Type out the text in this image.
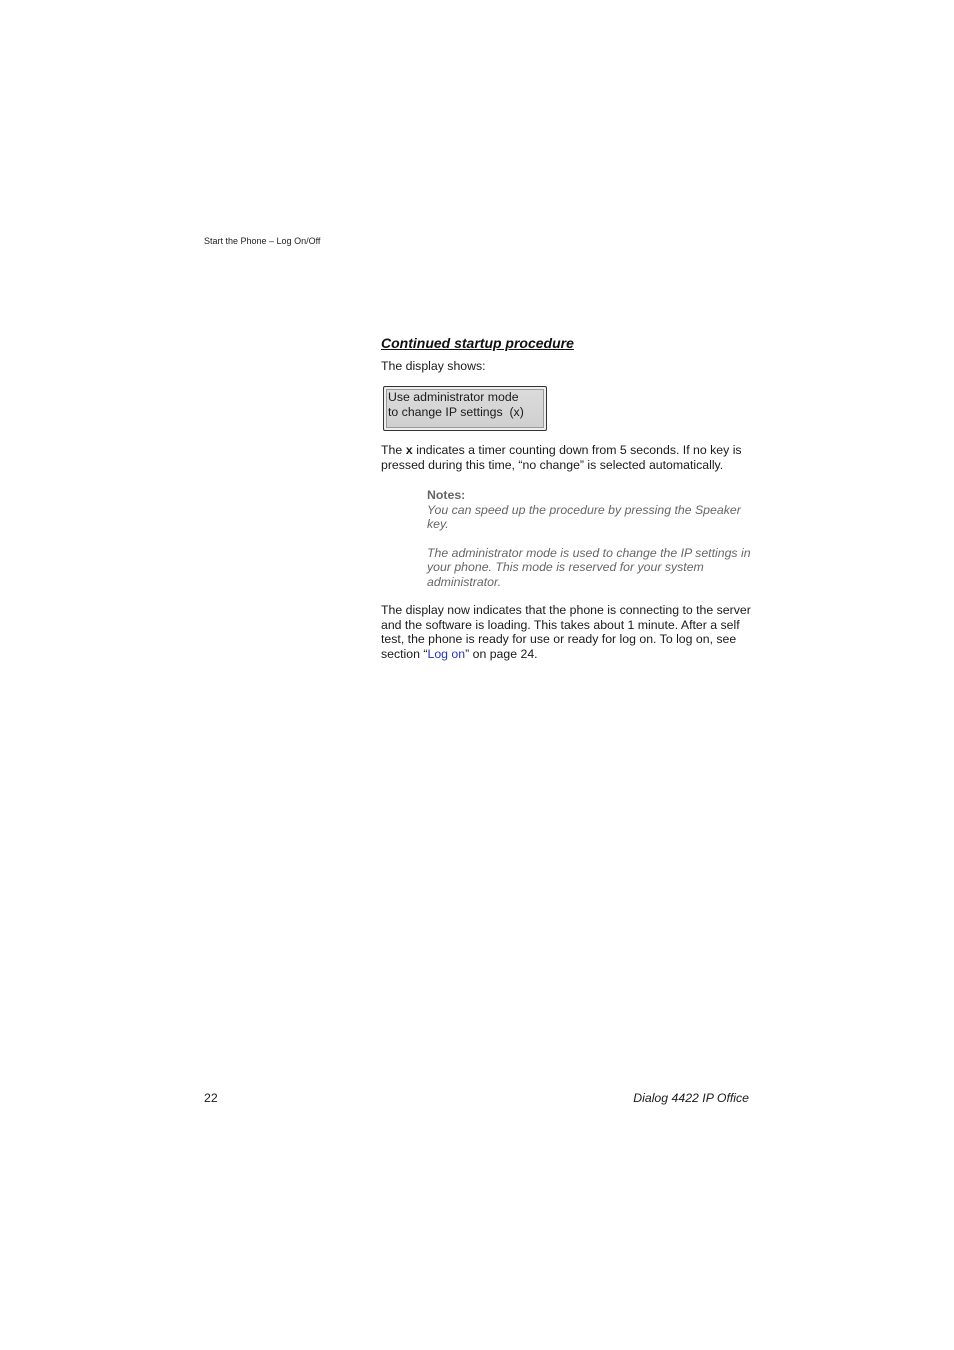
Start the Phone – Log On/Off
Continued startup procedure

The display shows:

Use administrator mode
to change IP settings  (x)

The x indicates a timer counting down from 5 seconds. If no key is pressed during this time, “no change” is selected automatically.

Notes:

You can speed up the procedure by pressing the Speaker key.

The administrator mode is used to change the IP settings in your phone. This mode is reserved for your system administrator.

The display now indicates that the phone is connecting to the server and the software is loading. This takes about 1 minute. After a self test, the phone is ready for use or ready for log on. To log on, see section “Log on” on page 24.

22	Dialog 4422 IP Office
